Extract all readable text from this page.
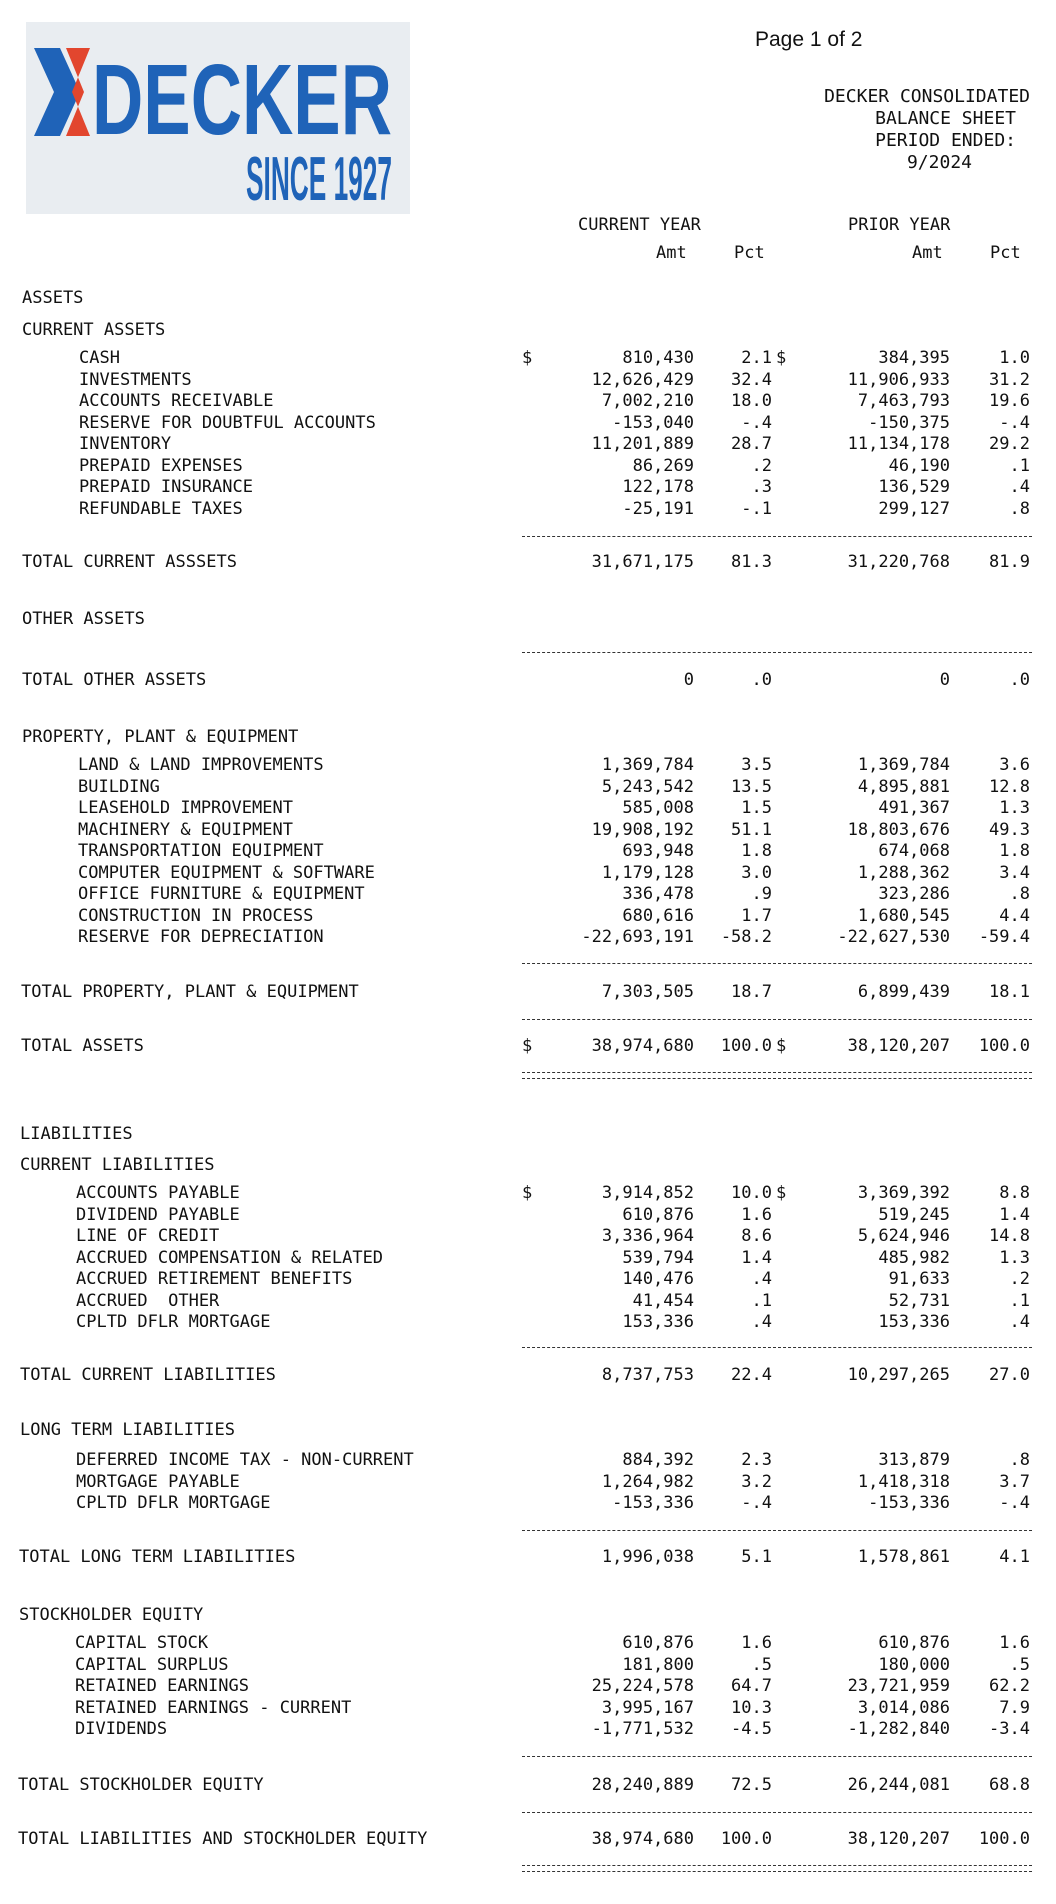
DECKER
SINCE 1927
Page 1 of 2
DECKER CONSOLIDATED
BALANCE SHEET
PERIOD ENDED:
9/2024
CURRENT YEAR	PRIOR YEAR
Amt	Pct	Amt	Pct
ASSETS
CURRENT ASSETS
CASH	810,430	2.1	384,395	1.0
$	$
INVESTMENTS	12,626,429 32.4	11,906,933 31.2
ACCOUNTS RECEIVABLE	7,002,210 18.0	7,463,793 19.6
RESERVE FOR DOUBTFUL ACCOUNTS	-153,040	-.4	-150,375	-.4
INVENTORY	11,201,889 28.7	11,134,178 29.2
PREPAID EXPENSES	86,269	.2	46,190	.1
PREPAID INSURANCE	122,178	.3	136,529	.4
REFUNDABLE TAXES	-25,191	-.1	299,127	.8
TOTAL CURRENT ASSSETS	31,671,175 81.3	31,220,768 81.9
OTHER ASSETS
TOTAL OTHER ASSETS	0	.0	0	.0
PROPERTY, PLANT & EQUIPMENT
LAND & LAND IMPROVEMENTS	1,369,784	3.5	1,369,784	3.6
BUILDING	5,243,542 13.5	4,895,881 12.8
LEASEHOLD IMPROVEMENT	585,008	1.5	491,367	1.3
MACHINERY & EQUIPMENT	19,908,192 51.1	18,803,676 49.3
TRANSPORTATION EQUIPMENT	693,948	1.8	674,068	1.8
COMPUTER EQUIPMENT & SOFTWARE	1,179,128	3.0	1,288,362	3.4
OFFICE FURNITURE & EQUIPMENT	336,478	.9	323,286	.8
CONSTRUCTION IN PROCESS	680,616	1.7	1,680,545	4.4
RESERVE FOR DEPRECIATION	-22,693,191 -58.2	-22,627,530 -59.4
TOTAL PROPERTY, PLANT & EQUIPMENT	7,303,505 18.7	6,899,439 18.1
TOTAL ASSETS	38,974,680 100.0	38,120,207 100.0
$	$
LIABILITIES
CURRENT LIABILITIES
ACCOUNTS PAYABLE	3,914,852 10.0	3,369,392	8.8
$	$
DIVIDEND PAYABLE	610,876	1.6	519,245	1.4
LINE OF CREDIT	3,336,964	8.6	5,624,946 14.8
ACCRUED COMPENSATION & RELATED	539,794	1.4	485,982	1.3
ACCRUED RETIREMENT BENEFITS	140,476	.4	91,633	.2
ACCRUED  OTHER	41,454	.1	52,731	.1
CPLTD DFLR MORTGAGE	153,336	.4	153,336	.4
TOTAL CURRENT LIABILITIES	8,737,753 22.4	10,297,265 27.0
LONG TERM LIABILITIES
DEFERRED INCOME TAX - NON-CURRENT	884,392	2.3	313,879	.8
MORTGAGE PAYABLE	1,264,982	3.2	1,418,318	3.7
CPLTD DFLR MORTGAGE	-153,336	-.4	-153,336	-.4
TOTAL LONG TERM LIABILITIES	1,996,038	5.1	1,578,861	4.1
STOCKHOLDER EQUITY
CAPITAL STOCK	610,876	1.6	610,876	1.6
CAPITAL SURPLUS	181,800	.5	180,000	.5
RETAINED EARNINGS	25,224,578 64.7	23,721,959 62.2
RETAINED EARNINGS - CURRENT	3,995,167 10.3	3,014,086	7.9
DIVIDENDS	-1,771,532 -4.5	-1,282,840 -3.4
TOTAL STOCKHOLDER EQUITY	28,240,889 72.5	26,244,081 68.8
TOTAL LIABILITIES AND STOCKHOLDER EQUITY	38,974,680 100.0	38,120,207 100.0
